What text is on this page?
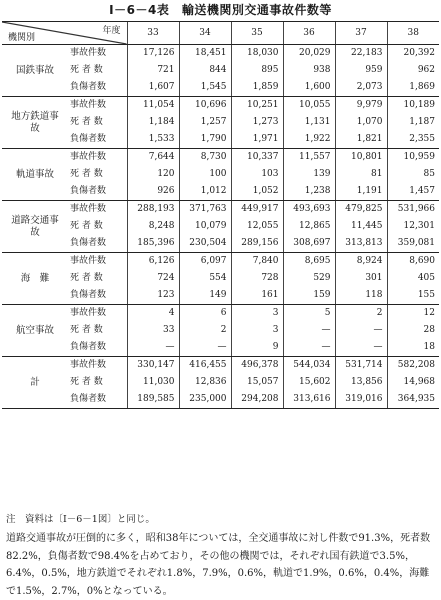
I－6－4表　輸送機関別交通事故件数等
年度
機関別		33	34	35	36	37	38
国鉄事故	事故件数	17,126	18,451	18,030	20,029	22,183	20,392
	死 者 数	721	844	895	938	959	962
	負傷者数	1,607	1,545	1,859	1,600	2,073	1,869
地方鉄道事　故	事故件数	11,054	10,696	10,251	10,055	9,979	10,189
	死 者 数	1,184	1,257	1,273	1,131	1,070	1,187
	負傷者数	1,533	1,790	1,971	1,922	1,821	2,355
軌道事故	事故件数	7,644	8,730	10,337	11,557	10,801	10,959
	死 者 数	120	100	103	139	81	85
	負傷者数	926	1,012	1,052	1,238	1,191	1,457
道路交通事　故	事故件数	288,193	371,763	449,917	493,693	479,825	531,966
	死 者 数	8,248	10,079	12,055	12,865	11,445	12,301
	負傷者数	185,396	230,504	289,156	308,697	313,813	359,081
海　難	事故件数	6,126	6,097	7,840	8,695	8,924	8,690
	死 者 数	724	554	728	529	301	405
	負傷者数	123	149	161	159	118	155
航空事故	事故件数	4	6	3	5	2	12
	死 者 数	33	2	3	—	—	28
	負傷者数	—	—	9	—	—	18
計	事故件数	330,147	416,455	496,378	544,034	531,714	582,208
	死 者 数	11,030	12,836	15,057	15,602	13,856	14,968
	負傷者数	189,585	235,000	294,208	313,616	319,016	364,935
注　資料は〔I－6－1図〕と同じ。
道路交通事故が圧倒的に多く，昭和38年については，全交通事故に対し件数で91.3%，死者数82.2%，負傷者数で98.4%を占めており，その他の機関では，それぞれ国有鉄道で3.5%，6.4%，0.5%，地方鉄道でそれぞれ1.8%，7.9%，0.6%，軌道で1.9%，0.6%，0.4%，海難で1.5%，2.7%，0%となっている。
